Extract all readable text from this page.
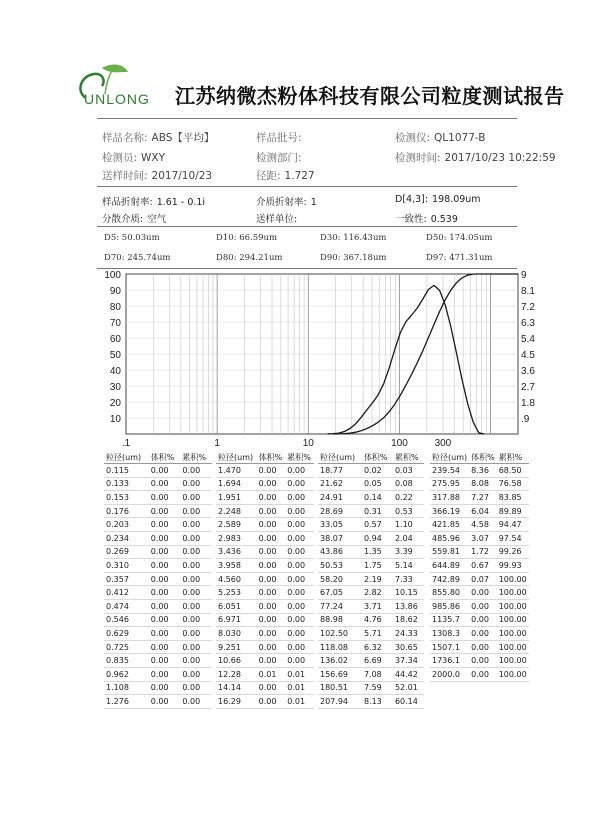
UNLONG 江苏纳微杰粉体科技有限公司粒度测试报告
样品名称: ABS【平均】	样品批号:	检测仪: QL1077-B
检测员: WXY	检测部门:	检测时间: 2017/10/23 10:22:59
送样时间: 2017/10/23	径距: 1.727
样品折射率: 1.61 - 0.1i	介质折射率: 1	D[4,3]: 198.09um
分散介质: 空气	送样单位:	一致性: 0.539
D5: 50.03um	D10: 66.59um	D30: 116.43um	D50: 174.05um
D70: 245.74um	D80: 294.21um	D90: 367.18um	D97: 471.31um
100
90
80
70
60
50
40
30
20
10
9
8.1
7.2
6.3
5.4
4.5
3.6
2.7
1.8
.9
.1	1	10	100	300
粒径(um)	体积%	累积%
0.115	0.00	0.00
0.133	0.00	0.00
0.153	0.00	0.00
0.176	0.00	0.00
0.203	0.00	0.00
0.234	0.00	0.00
0.269	0.00	0.00
0.310	0.00	0.00
0.357	0.00	0.00
0.412	0.00	0.00
0.474	0.00	0.00
0.546	0.00	0.00
0.629	0.00	0.00
0.725	0.00	0.00
0.835	0.00	0.00
0.962	0.00	0.00
1.108	0.00	0.00
1.276	0.00	0.00
粒径(um)	体积%	累积%
1.470	0.00	0.00
1.694	0.00	0.00
1.951	0.00	0.00
2.248	0.00	0.00
2.589	0.00	0.00
2.983	0.00	0.00
3.436	0.00	0.00
3.958	0.00	0.00
4.560	0.00	0.00
5.253	0.00	0.00
6.051	0.00	0.00
6.971	0.00	0.00
8.030	0.00	0.00
9.251	0.00	0.00
10.66	0.00	0.00
12.28	0.01	0.01
14.14	0.00	0.01
16.29	0.00	0.01
粒径(um)	体积%	累积%
18.77	0.02	0.03
21.62	0.05	0.08
24.91	0.14	0.22
28.69	0.31	0.53
33.05	0.57	1.10
38.07	0.94	2.04
43.86	1.35	3.39
50.53	1.75	5.14
58.20	2.19	7.33
67.05	2.82	10.15
77.24	3.71	13.86
88.98	4.76	18.62
102.50	5.71	24.33
118.08	6.32	30.65
136.02	6.69	37.34
156.69	7.08	44.42
180.51	7.59	52.01
207.94	8.13	60.14
粒径(um)	体积%	累积%
239.54	8.36	68.50
275.95	8.08	76.58
317.88	7.27	83.85
366.19	6.04	89.89
421.85	4.58	94.47
485.96	3.07	97.54
559.81	1.72	99.26
644.89	0.67	99.93
742.89	0.07	100.00
855.80	0.00	100.00
985.86	0.00	100.00
1135.7	0.00	100.00
1308.3	0.00	100.00
1507.1	0.00	100.00
1736.1	0.00	100.00
2000.0	0.00	100.00
